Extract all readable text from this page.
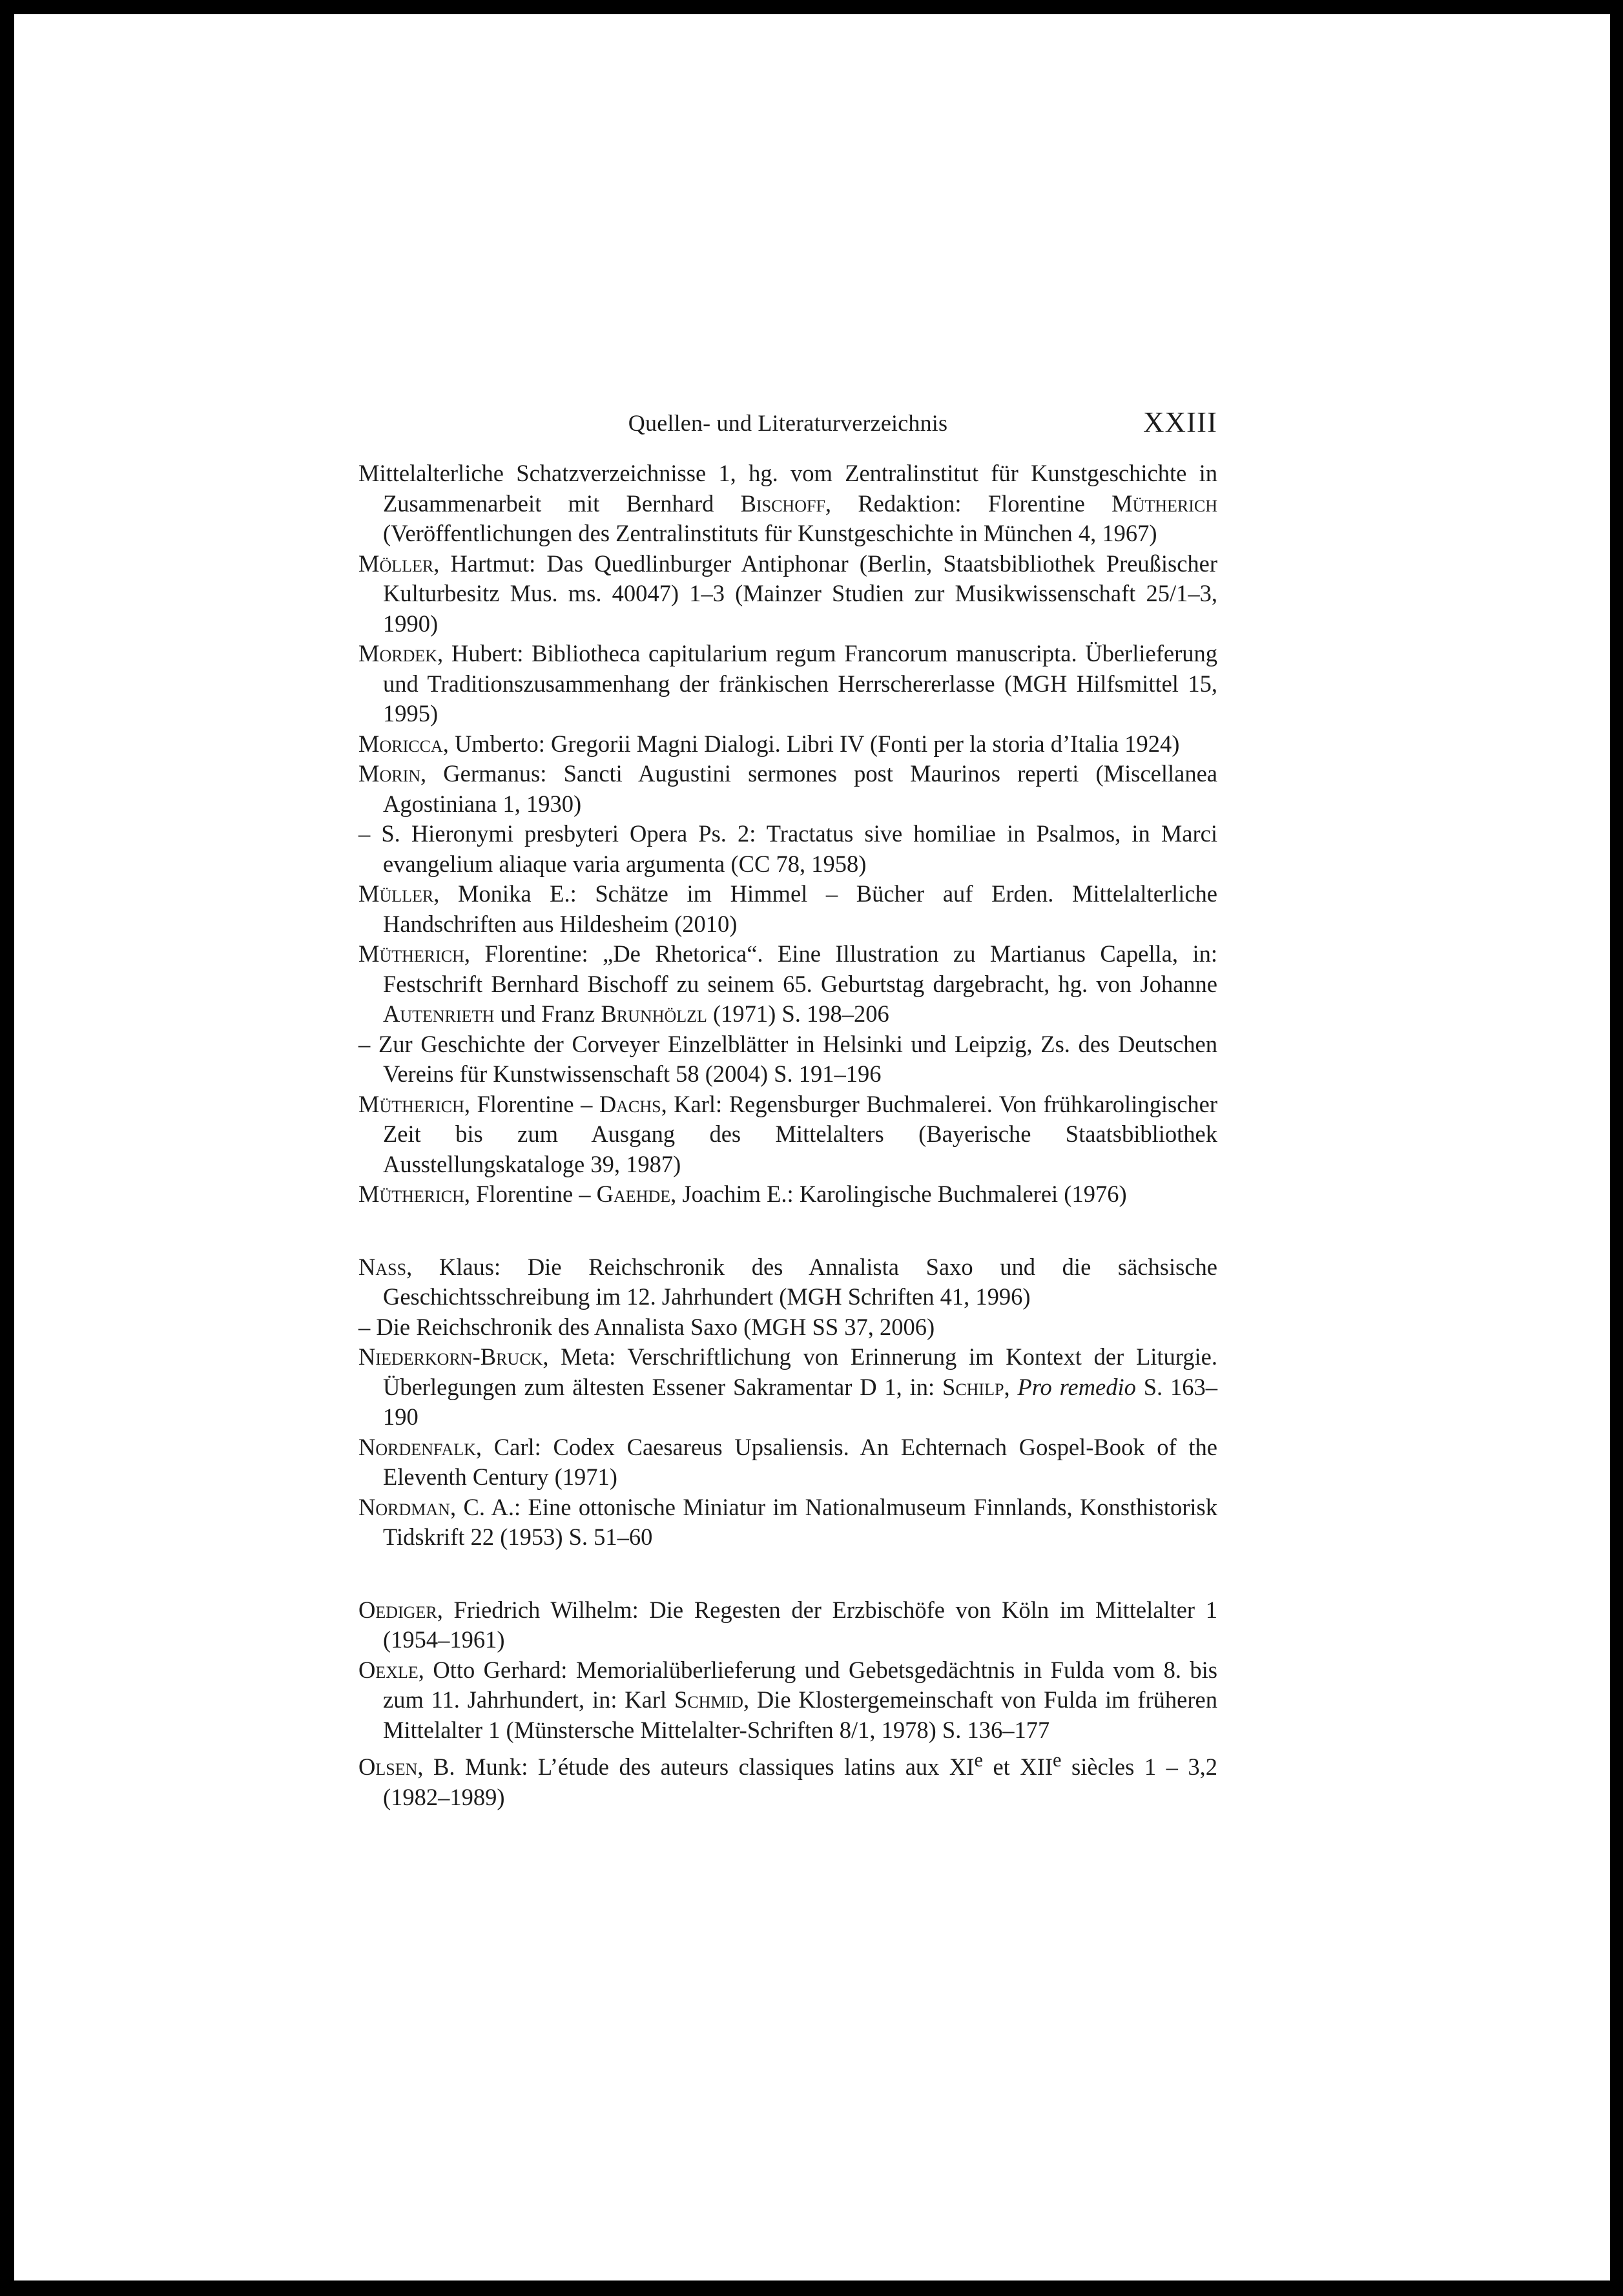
Quellen- und Literaturverzeichnis	XXIII

Mittelalterliche Schatzverzeichnisse 1, hg. vom Zentralinstitut für Kunstgeschichte in Zusammenarbeit mit Bernhard Bischoff, Redaktion: Florentine Mütherich (Veröffentlichungen des Zentralinstituts für Kunstgeschichte in München 4, 1967)

Möller, Hartmut: Das Quedlinburger Antiphonar (Berlin, Staatsbibliothek Preußischer Kulturbesitz Mus. ms. 40047) 1–3 (Mainzer Studien zur Musikwissenschaft 25/1–3, 1990)

Mordek, Hubert: Bibliotheca capitularium regum Francorum manuscripta. Überlieferung und Traditionszusammenhang der fränkischen Herrschererlasse (MGH Hilfsmittel 15, 1995)

Moricca, Umberto: Gregorii Magni Dialogi. Libri IV (Fonti per la storia d’Italia 1924)

Morin, Germanus: Sancti Augustini sermones post Maurinos reperti (Miscellanea Agostiniana 1, 1930)

– S. Hieronymi presbyteri Opera Ps. 2: Tractatus sive homiliae in Psalmos, in Marci evangelium aliaque varia argumenta (CC 78, 1958)

Müller, Monika E.: Schätze im Himmel – Bücher auf Erden. Mittelalterliche Handschriften aus Hildesheim (2010)

Mütherich, Florentine: „De Rhetorica“. Eine Illustration zu Martianus Capella, in: Festschrift Bernhard Bischoff zu seinem 65. Geburtstag dargebracht, hg. von Johanne Autenrieth und Franz Brunhölzl (1971) S. 198–206

– Zur Geschichte der Corveyer Einzelblätter in Helsinki und Leipzig, Zs. des Deutschen Vereins für Kunstwissenschaft 58 (2004) S. 191–196

Mütherich, Florentine – Dachs, Karl: Regensburger Buchmalerei. Von frühkarolingischer Zeit bis zum Ausgang des Mittelalters (Bayerische Staatsbibliothek Ausstellungskataloge 39, 1987)

Mütherich, Florentine – Gaehde, Joachim E.: Karolingische Buchmalerei (1976)

Nass, Klaus: Die Reichschronik des Annalista Saxo und die sächsische Geschichtsschreibung im 12. Jahrhundert (MGH Schriften 41, 1996)

– Die Reichschronik des Annalista Saxo (MGH SS 37, 2006)

Niederkorn-Bruck, Meta: Verschriftlichung von Erinnerung im Kontext der Liturgie. Überlegungen zum ältesten Essener Sakramentar D 1, in: Schilp, Pro remedio S. 163–190

Nordenfalk, Carl: Codex Caesareus Upsaliensis. An Echternach Gospel-Book of the Eleventh Century (1971)

Nordman, C. A.: Eine ottonische Miniatur im Nationalmuseum Finnlands, Konsthistorisk Tidskrift 22 (1953) S. 51–60

Oediger, Friedrich Wilhelm: Die Regesten der Erzbischöfe von Köln im Mittelalter 1 (1954–1961)

Oexle, Otto Gerhard: Memorialüberlieferung und Gebetsgedächtnis in Fulda vom 8. bis zum 11. Jahrhundert, in: Karl Schmid, Die Klostergemeinschaft von Fulda im früheren Mittelalter 1 (Münstersche Mittelalter-Schriften 8/1, 1978) S. 136–177

Olsen, B. Munk: L’étude des auteurs classiques latins aux XIe et XIIe siècles 1 – 3,2 (1982–1989)
